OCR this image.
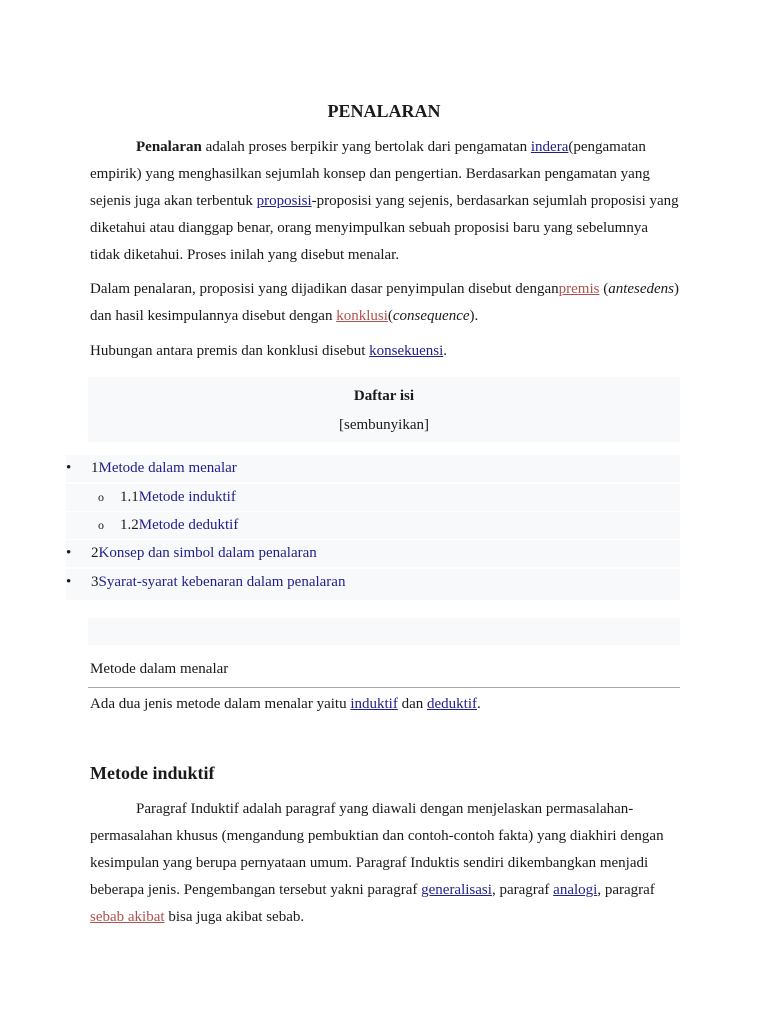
PENALARAN

Penalaran adalah proses berpikir yang bertolak dari pengamatan indera(pengamatan empirik) yang menghasilkan sejumlah konsep dan pengertian. Berdasarkan pengamatan yang sejenis juga akan terbentuk proposisi-proposisi yang sejenis, berdasarkan sejumlah proposisi yang diketahui atau dianggap benar, orang menyimpulkan sebuah proposisi baru yang sebelumnya tidak diketahui. Proses inilah yang disebut menalar.

Dalam penalaran, proposisi yang dijadikan dasar penyimpulan disebut denganpremis (antesedens) dan hasil kesimpulannya disebut dengan konklusi(consequence).

Hubungan antara premis dan konklusi disebut konsekuensi.

Daftar isi
[sembunyikan]
• 1Metode dalam menalar
o 1.1Metode induktif
o 1.2Metode deduktif
• 2Konsep dan simbol dalam penalaran
• 3Syarat-syarat kebenaran dalam penalaran
Metode dalam menalar

Ada dua jenis metode dalam menalar yaitu induktif dan deduktif.

Metode induktif

Paragraf Induktif adalah paragraf yang diawali dengan menjelaskan permasalahan-permasalahan khusus (mengandung pembuktian dan contoh-contoh fakta) yang diakhiri dengan kesimpulan yang berupa pernyataan umum. Paragraf Induktis sendiri dikembangkan menjadi beberapa jenis. Pengembangan tersebut yakni paragraf generalisasi, paragraf analogi, paragraf sebab akibat bisa juga akibat sebab.
